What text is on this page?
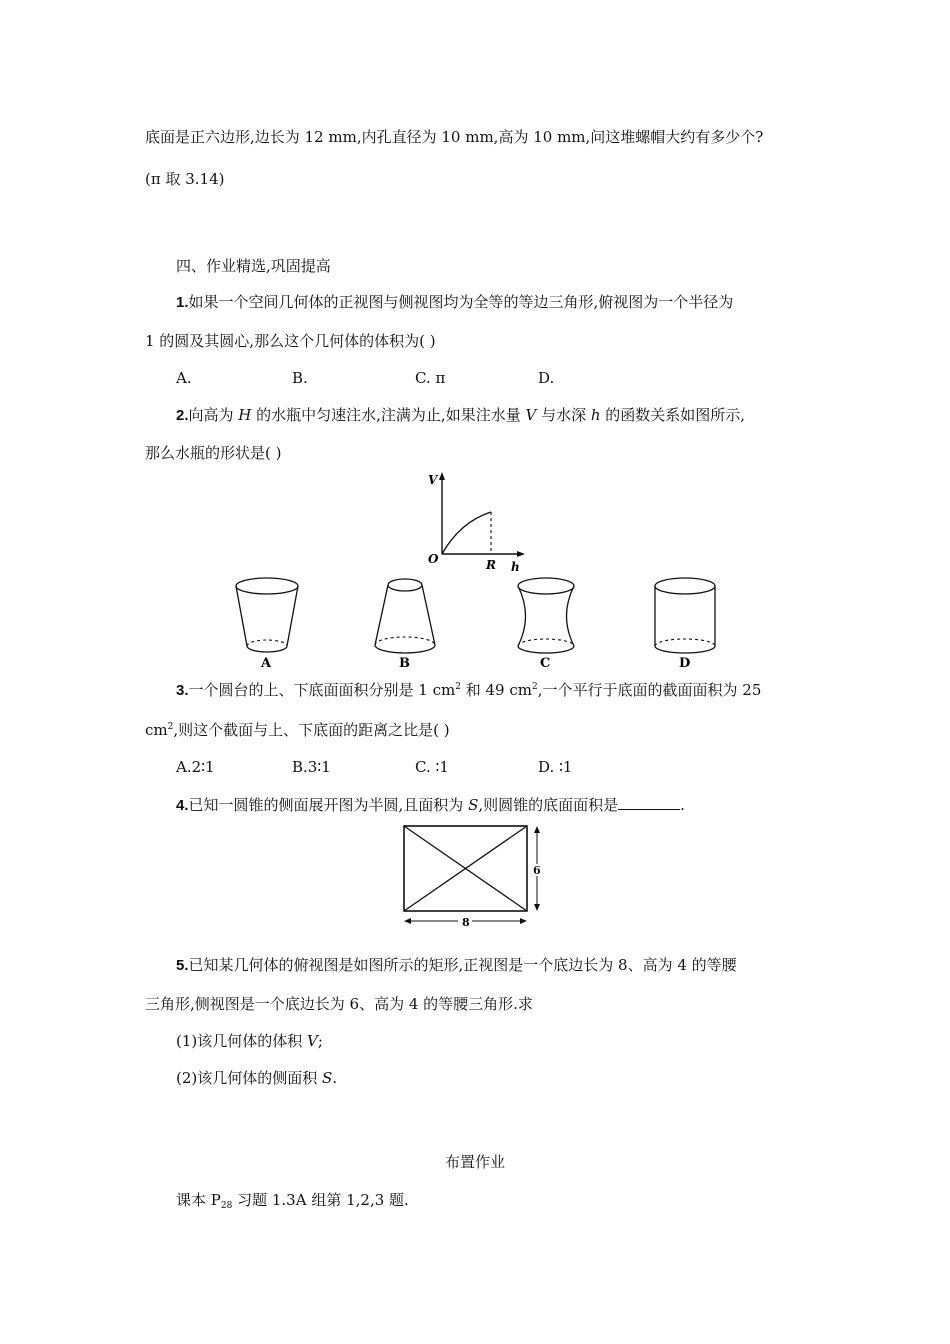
底面是正六边形,边长为 12 mm,内孔直径为 10 mm,高为 10 mm,问这堆螺帽大约有多少个?
(π 取 3.14)
四、作业精选,巩固提高
1.如果一个空间几何体的正视图与侧视图均为全等的等边三角形,俯视图为一个半径为
1 的圆及其圆心,那么这个几何体的体积为( )
A.	B.	C. π	D.
2.向高为 H 的水瓶中匀速注水,注满为止,如果注水量 V 与水深 h 的函数关系如图所示,
那么水瓶的形状是( )
V
h
O	R
A	B	C	D
3.一个圆台的上、下底面面积分别是 1 $cm^2$ 和 49 $cm^2$,一个平行于底面的截面面积为 25
$cm^2$,则这个截面与上、下底面的距离之比是( )
A.2∶1	B.3∶1	C. ∶1	D. ∶1
4.已知一圆锥的侧面展开图为半圆,且面积为 S,则圆锥的底面面积是	.
6
8
5.已知某几何体的俯视图是如图所示的矩形,正视图是一个底边长为 8、高为 4 的等腰
三角形,侧视图是一个底边长为 6、高为 4 的等腰三角形.求
(1)该几何体的体积 V;
(2)该几何体的侧面积 S.
布置作业
课本 $P_{28}$ 习题 1.3A 组第 1,2,3 题.
